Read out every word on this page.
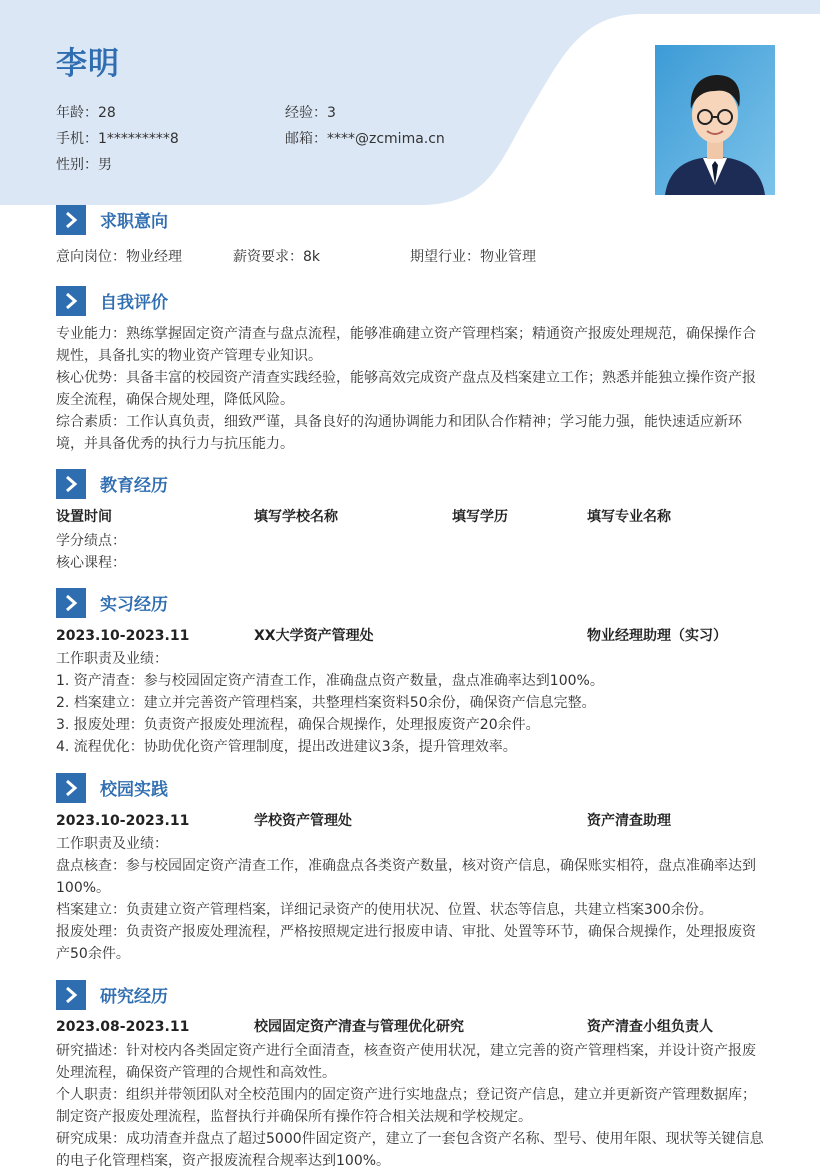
李明
年龄：28	经验：3
手机：1*********8	邮箱：****@zcmima.cn
性别：男
求职意向
意向岗位：物业经理	薪资要求：8k	期望行业：物业管理
自我评价
专业能力：熟练掌握固定资产清查与盘点流程，能够准确建立资产管理档案；精通资产报废处理规范，确保操作合
规性，具备扎实的物业资产管理专业知识。
核心优势：具备丰富的校园资产清查实践经验，能够高效完成资产盘点及档案建立工作；熟悉并能独立操作资产报
废全流程，确保合规处理，降低风险。
综合素质：工作认真负责，细致严谨，具备良好的沟通协调能力和团队合作精神；学习能力强，能快速适应新环
境，并具备优秀的执行力与抗压能力。
教育经历
设置时间	填写学校名称	填写学历	填写专业名称
学分绩点：
核心课程：
实习经历
2023.10-2023.11	XX大学资产管理处	物业经理助理（实习）
工作职责及业绩：
1. 资产清查：参与校园固定资产清查工作，准确盘点资产数量，盘点准确率达到100%。
2. 档案建立：建立并完善资产管理档案，共整理档案资料50余份，确保资产信息完整。
3. 报废处理：负责资产报废处理流程，确保合规操作，处理报废资产20余件。
4. 流程优化：协助优化资产管理制度，提出改进建议3条，提升管理效率。
校园实践
2023.10-2023.11	学校资产管理处	资产清查助理
工作职责及业绩：
盘点核查：参与校园固定资产清查工作，准确盘点各类资产数量，核对资产信息，确保账实相符，盘点准确率达到
100%。
档案建立：负责建立资产管理档案，详细记录资产的使用状况、位置、状态等信息，共建立档案300余份。
报废处理：负责资产报废处理流程，严格按照规定进行报废申请、审批、处置等环节，确保合规操作，处理报废资
产50余件。
研究经历
2023.08-2023.11	校园固定资产清查与管理优化研究	资产清查小组负责人
研究描述：针对校内各类固定资产进行全面清查，核查资产使用状况，建立完善的资产管理档案，并设计资产报废
处理流程，确保资产管理的合规性和高效性。
个人职责：组织并带领团队对全校范围内的固定资产进行实地盘点；登记资产信息，建立并更新资产管理数据库；
制定资产报废处理流程，监督执行并确保所有操作符合相关法规和学校规定。
研究成果：成功清查并盘点了超过5000件固定资产，建立了一套包含资产名称、型号、使用年限、现状等关键信息
的电子化管理档案，资产报废流程合规率达到100%。
